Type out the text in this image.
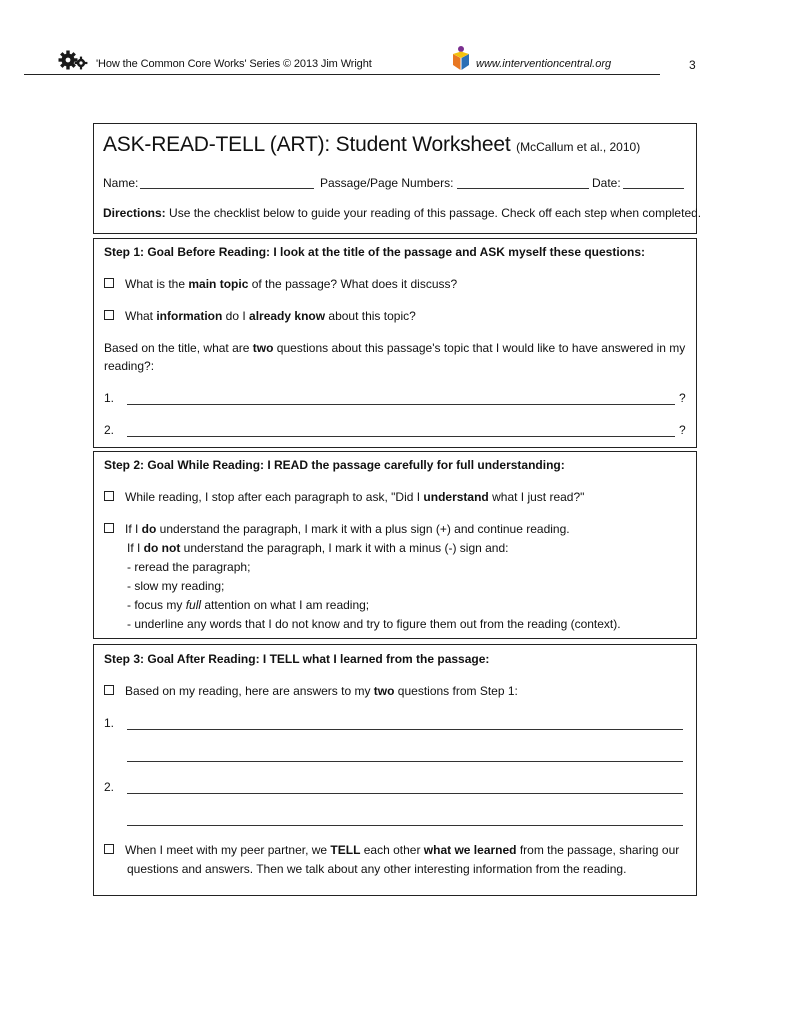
'How the Common Core Works' Series © 2013 Jim Wright	www.interventioncentral.org	3
ASK-READ-TELL (ART): Student Worksheet (McCallum et al., 2010)
Name:	Passage/Page Numbers:	Date:
Directions: Use the checklist below to guide your reading of this passage. Check off each step when completed.
Step 1: Goal Before Reading: I look at the title of the passage and ASK myself these questions:
What is the main topic of the passage? What does it discuss?
What information do I already know about this topic?
Based on the title, what are two questions about this passage's topic that I would like to have answered in my
reading?:
1.	?
2.	?
Step 2: Goal While Reading: I READ the passage carefully for full understanding:
While reading, I stop after each paragraph to ask, "Did I understand what I just read?"
If I do understand the paragraph, I mark it with a plus sign (+) and continue reading.
If I do not understand the paragraph, I mark it with a minus (-) sign and:
- reread the paragraph;
- slow my reading;
- focus my full attention on what I am reading;
- underline any words that I do not know and try to figure them out from the reading (context).
Step 3: Goal After Reading: I TELL what I learned from the passage:
Based on my reading, here are answers to my two questions from Step 1:
1.
2.
When I meet with my peer partner, we TELL each other what we learned from the passage, sharing our
questions and answers. Then we talk about any other interesting information from the reading.
